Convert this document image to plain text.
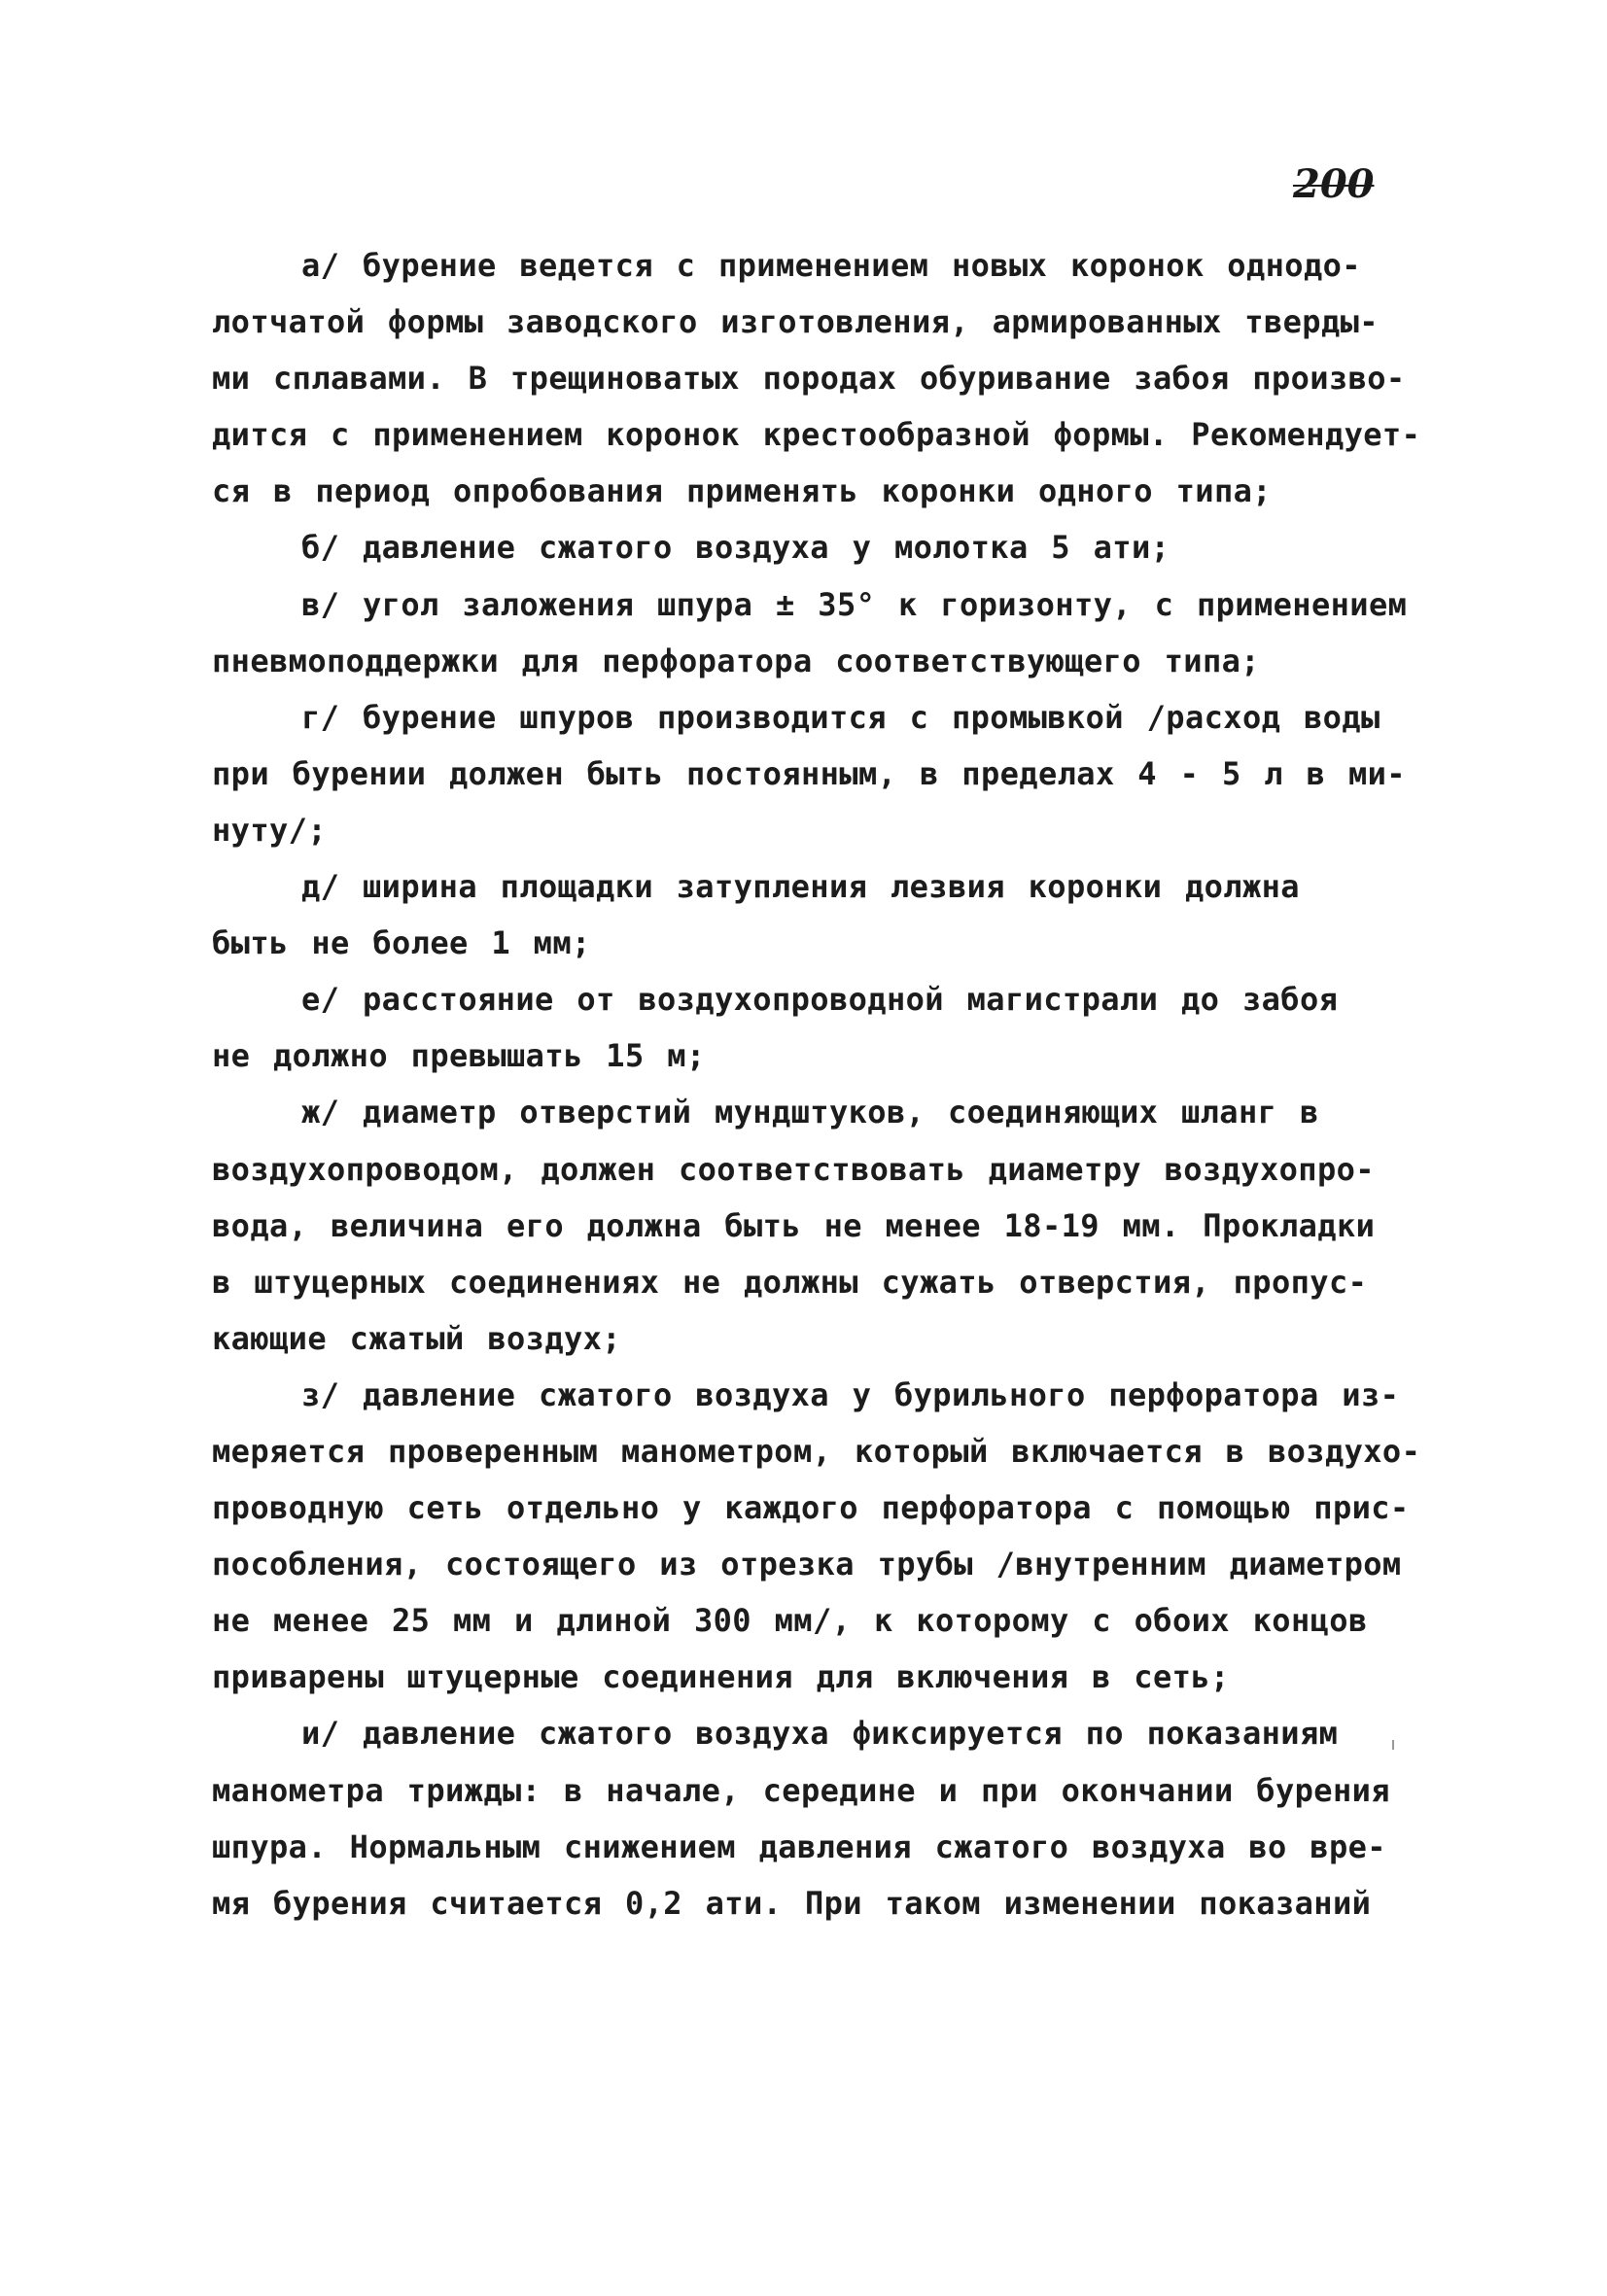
200
а/ бурение ведется с применением новых коронок однодо-
лотчатой формы заводского изготовления, армированных тверды-
ми сплавами. В трещиноватых породах обуривание забоя произво-
дится с применением коронок крестообразной формы. Рекомендует-
ся в период опробования применять коронки одного типа;
б/ давление сжатого воздуха у молотка 5 ати;
в/ угол заложения шпура ± 35° к горизонту, с применением
пневмоподдержки для перфоратора соответствующего типа;
г/ бурение шпуров производится с промывкой /расход воды
при бурении должен быть постоянным, в пределах 4 - 5 л в ми-
нуту/;
д/ ширина площадки затупления лезвия коронки должна
быть не более 1 мм;
е/ расстояние от воздухопроводной магистрали до забоя
не должно превышать 15 м;
ж/ диаметр отверстий мундштуков, соединяющих шланг в
воздухопроводом, должен соответствовать диаметру воздухопро-
вода, величина его должна быть не менее 18-19 мм. Прокладки
в штуцерных соединениях не должны сужать отверстия, пропус-
кающие сжатый воздух;
з/ давление сжатого воздуха у бурильного перфоратора из-
меряется проверенным манометром, который включается в воздухо-
проводную сеть отдельно у каждого перфоратора с помощью прис-
пособления, состоящего из отрезка трубы /внутренним диаметром
не менее 25 мм и длиной 300 мм/, к которому с обоих концов
приварены штуцерные соединения для включения в сеть;
и/ давление сжатого воздуха фиксируется по показаниям
манометра трижды: в начале, середине и при окончании бурения
шпура. Нормальным снижением давления сжатого воздуха во вре-
мя бурения считается 0,2 ати. При таком изменении показаний
